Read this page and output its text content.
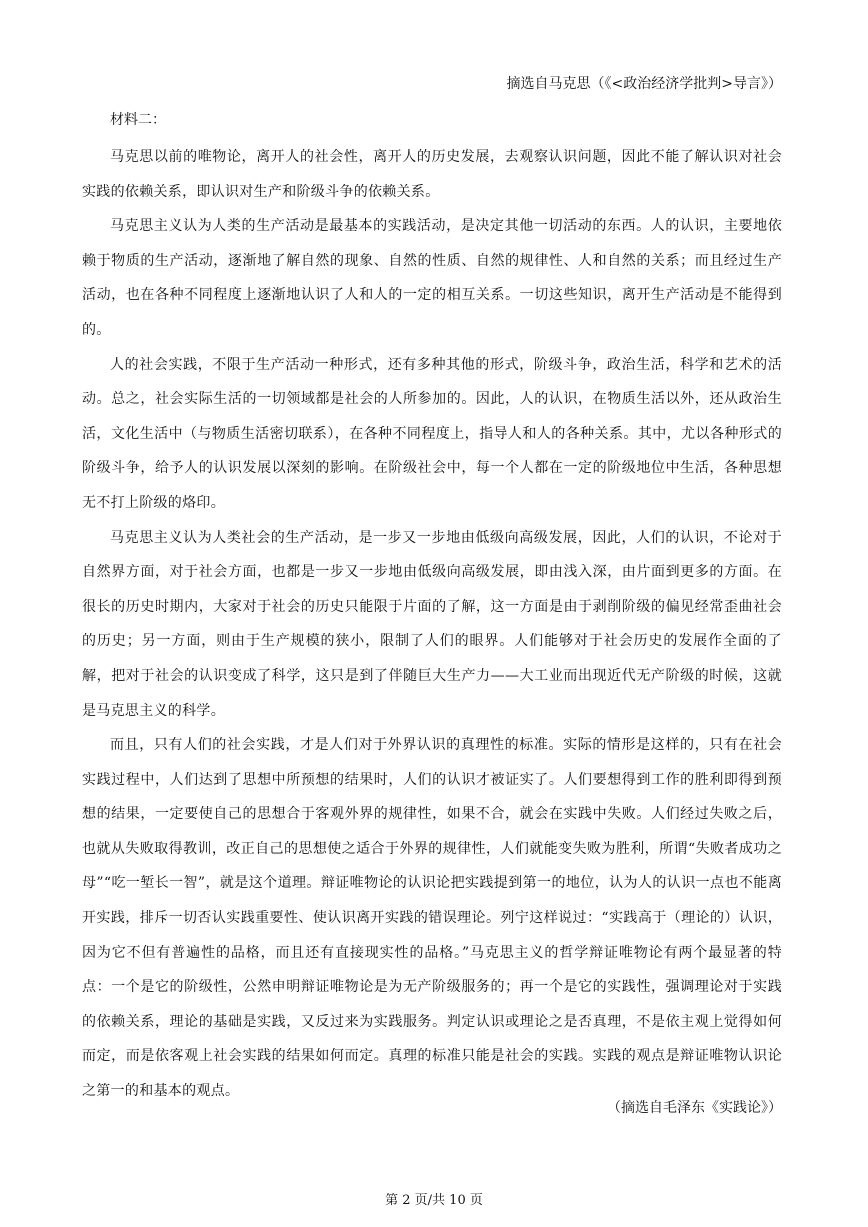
摘选自马克思（《<政治经济学批判>导言》）
材料二：

马克思以前的唯物论，离开人的社会性，离开人的历史发展，去观察认识问题，因此不能了解认识对社会实践的依赖关系，即认识对生产和阶级斗争的依赖关系。

马克思主义认为人类的生产活动是最基本的实践活动，是决定其他一切活动的东西。人的认识，主要地依赖于物质的生产活动，逐渐地了解自然的现象、自然的性质、自然的规律性、人和自然的关系；而且经过生产活动，也在各种不同程度上逐渐地认识了人和人的一定的相互关系。一切这些知识，离开生产活动是不能得到的。

人的社会实践，不限于生产活动一种形式，还有多种其他的形式，阶级斗争，政治生活，科学和艺术的活动。总之，社会实际生活的一切领域都是社会的人所参加的。因此，人的认识，在物质生活以外，还从政治生活，文化生活中（与物质生活密切联系），在各种不同程度上，指导人和人的各种关系。其中，尤以各种形式的阶级斗争，给予人的认识发展以深刻的影响。在阶级社会中，每一个人都在一定的阶级地位中生活，各种思想无不打上阶级的烙印。

马克思主义认为人类社会的生产活动，是一步又一步地由低级向高级发展，因此，人们的认识，不论对于自然界方面，对于社会方面，也都是一步又一步地由低级向高级发展，即由浅入深，由片面到更多的方面。在很长的历史时期内，大家对于社会的历史只能限于片面的了解，这一方面是由于剥削阶级的偏见经常歪曲社会的历史；另一方面，则由于生产规模的狭小，限制了人们的眼界。人们能够对于社会历史的发展作全面的了解，把对于社会的认识变成了科学，这只是到了伴随巨大生产力——大工业而出现近代无产阶级的时候，这就是马克思主义的科学。

而且，只有人们的社会实践，才是人们对于外界认识的真理性的标准。实际的情形是这样的，只有在社会实践过程中，人们达到了思想中所预想的结果时，人们的认识才被证实了。人们要想得到工作的胜利即得到预想的结果，一定要使自己的思想合于客观外界的规律性，如果不合，就会在实践中失败。人们经过失败之后，也就从失败取得教训，改正自己的思想使之适合于外界的规律性，人们就能变失败为胜利，所谓“失败者成功之母”“吃一堑长一智”，就是这个道理。辩证唯物论的认识论把实践提到第一的地位，认为人的认识一点也不能离开实践，排斥一切否认实践重要性、使认识离开实践的错误理论。列宁这样说过：“实践高于（理论的）认识，因为它不但有普遍性的品格，而且还有直接现实性的品格。”马克思主义的哲学辩证唯物论有两个最显著的特点：一个是它的阶级性，公然申明辩证唯物论是为无产阶级服务的；再一个是它的实践性，强调理论对于实践的依赖关系，理论的基础是实践，又反过来为实践服务。判定认识或理论之是否真理，不是依主观上觉得如何而定，而是依客观上社会实践的结果如何而定。真理的标准只能是社会的实践。实践的观点是辩证唯物认识论之第一的和基本的观点。

（摘选自毛泽东《实践论》）
第 2 页/共 10 页
